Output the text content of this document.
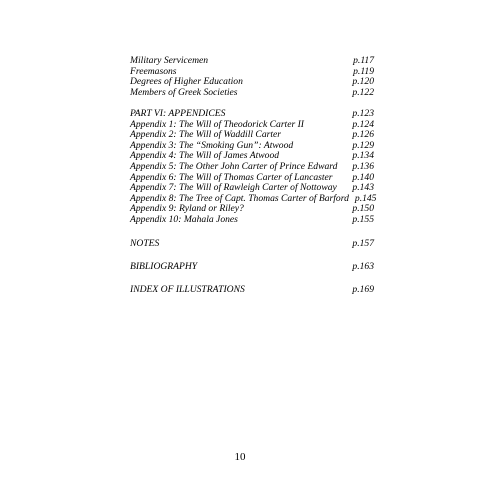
Military Servicemen	p.117
Freemasons	p.119
Degrees of Higher Education	p.120
Members of Greek Societies	p.122
PART VI: APPENDICES	p.123
Appendix 1: The Will of Theodorick Carter II	p.124
Appendix 2: The Will of Waddill Carter	p.126
Appendix 3: The “Smoking Gun”: Atwood	p.129
Appendix 4: The Will of James Atwood	p.134
Appendix 5: The Other John Carter of Prince Edward	p.136
Appendix 6: The Will of Thomas Carter of Lancaster	p.140
Appendix 7: The Will of Rawleigh Carter of Nottoway	p.143
Appendix 8: The Tree of Capt. Thomas Carter of Barford p.145
Appendix 9: Ryland or Riley?	p.150
Appendix 10: Mahala Jones	p.155
NOTES	p.157
BIBLIOGRAPHY	p.163
INDEX OF ILLUSTRATIONS	p.169
10
